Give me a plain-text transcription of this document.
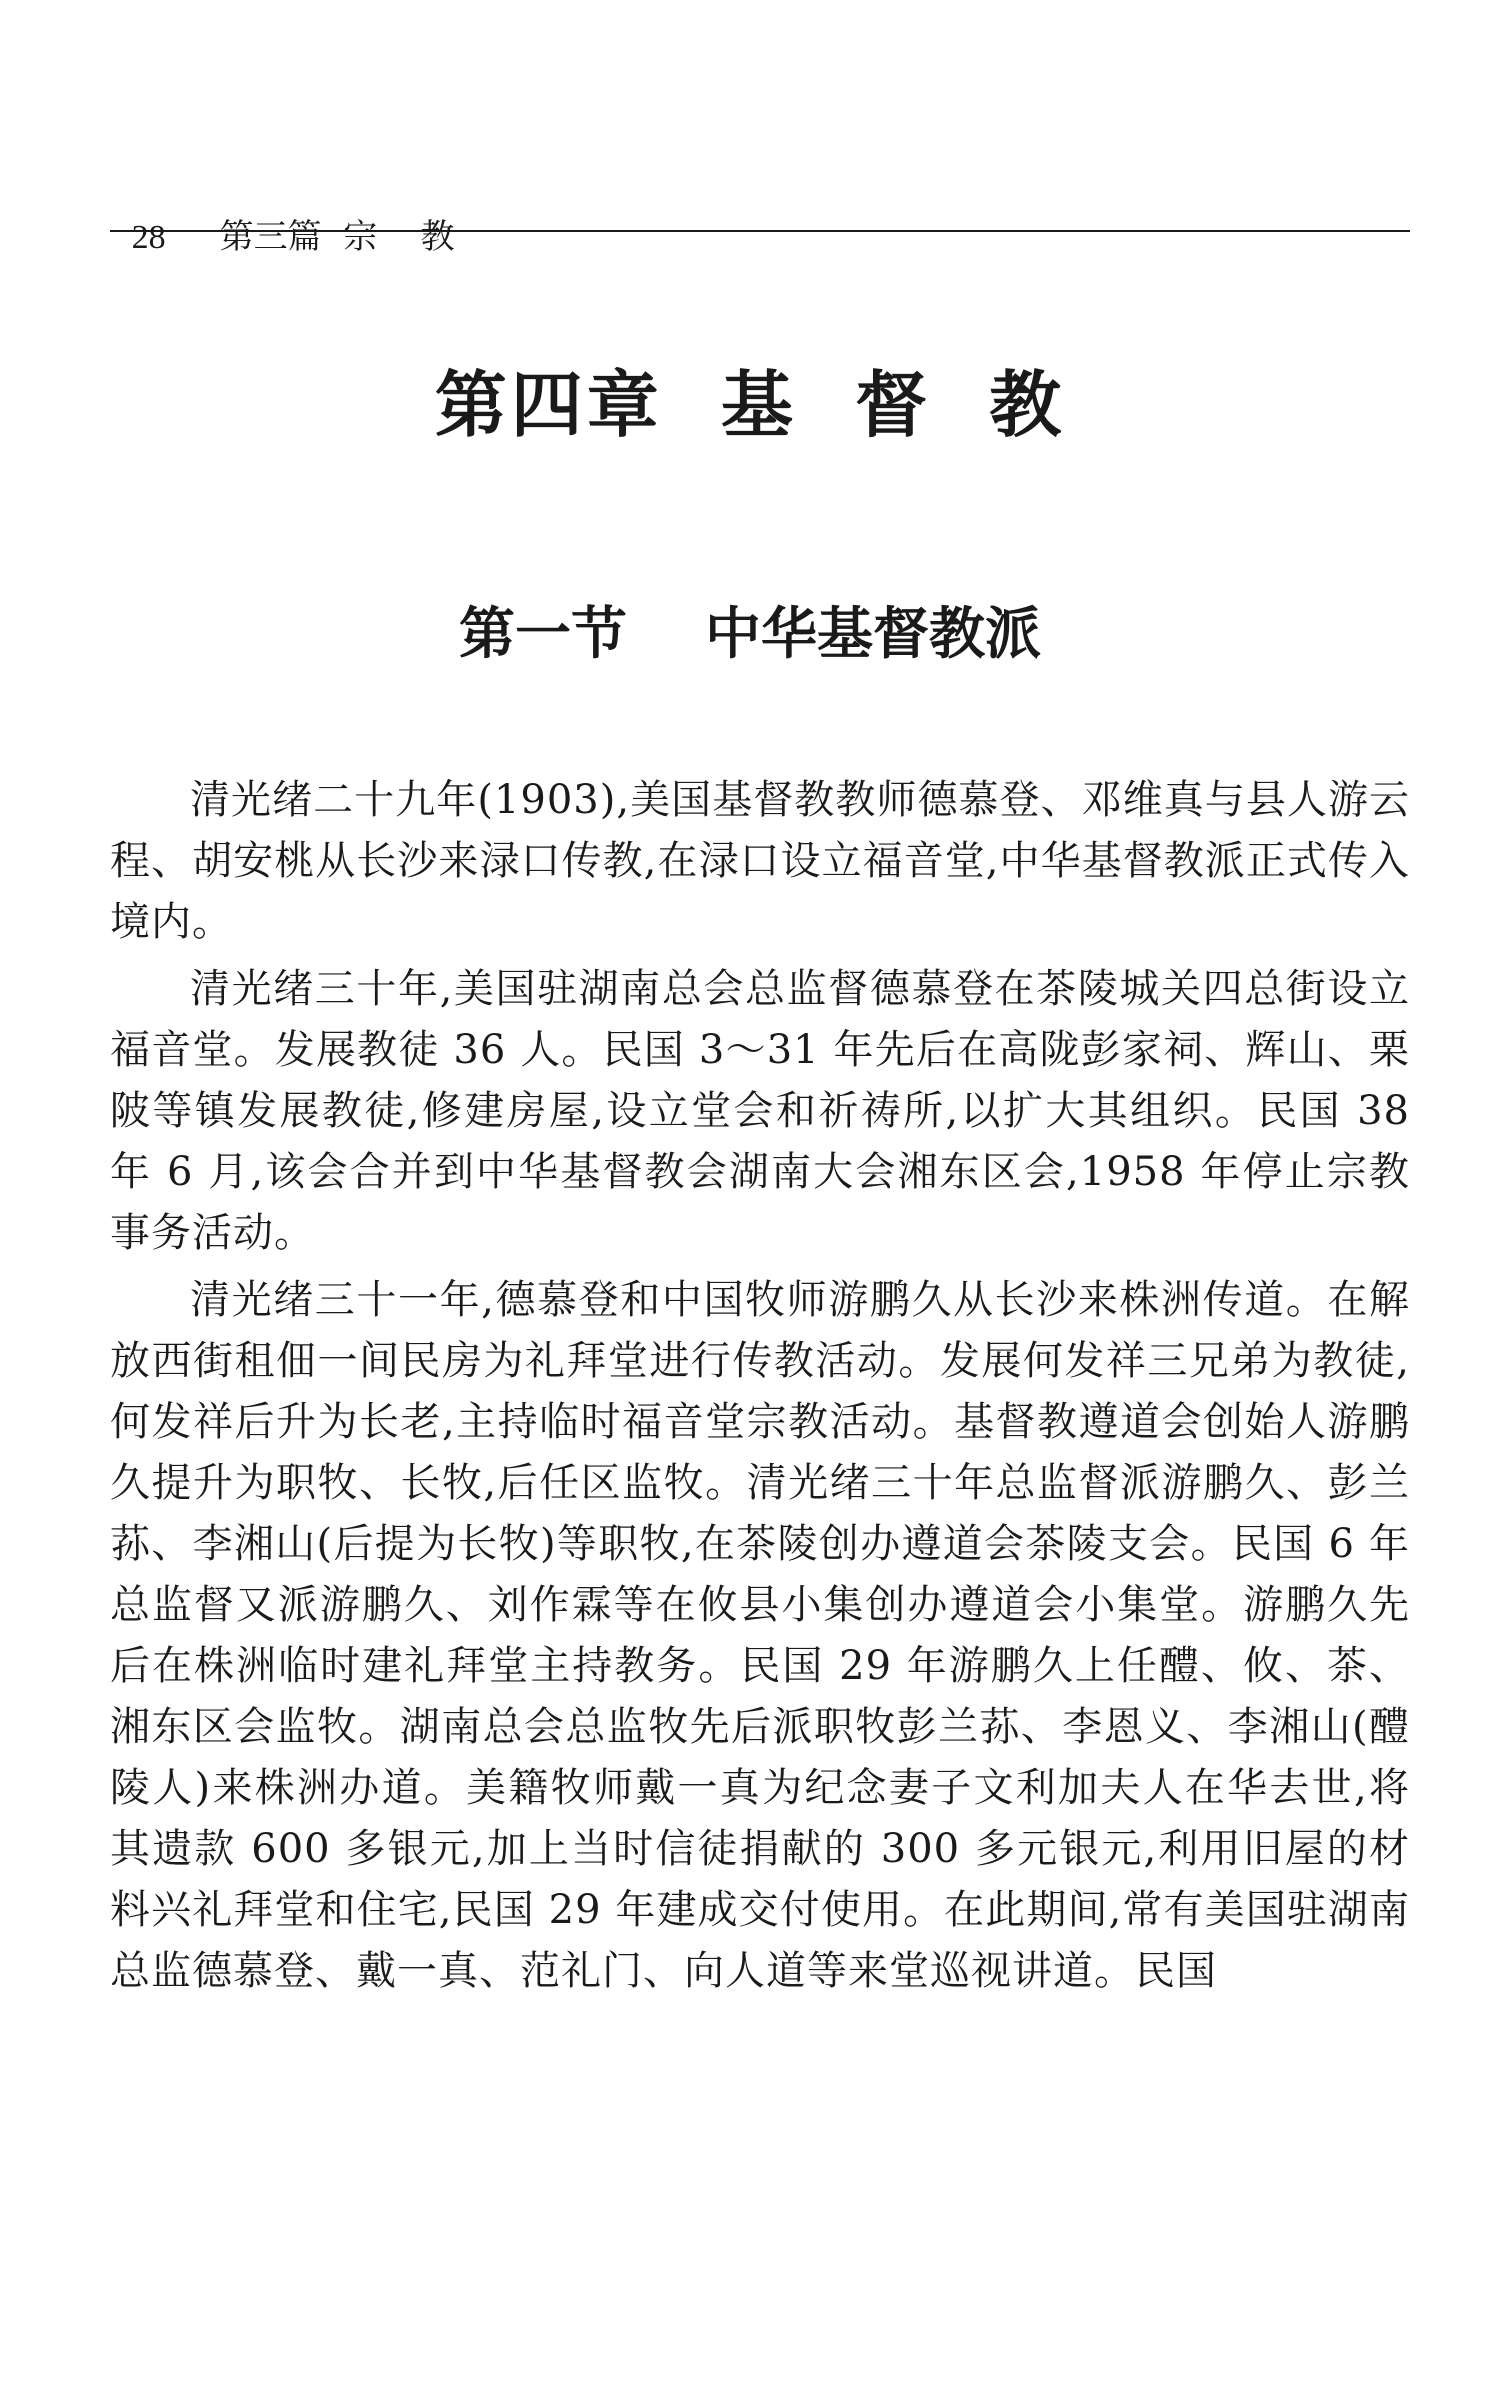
28 第三篇  宗    教

第四章  基  督  教
第一节    中华基督教派

清光绪二十九年(1903),美国基督教教师德慕登、邓维真与县人游云程、胡安桃从长沙来渌口传教,在渌口设立福音堂,中华基督教派正式传入境内。

清光绪三十年,美国驻湖南总会总监督德慕登在茶陵城关四总街设立福音堂。发展教徒 36 人。民国 3～31 年先后在高陇彭家祠、辉山、栗陂等镇发展教徒,修建房屋,设立堂会和祈祷所,以扩大其组织。民国 38 年 6 月,该会合并到中华基督教会湖南大会湘东区会,1958 年停止宗教事务活动。

清光绪三十一年,德慕登和中国牧师游鹏久从长沙来株洲传道。在解放西街租佃一间民房为礼拜堂进行传教活动。发展何发祥三兄弟为教徒,何发祥后升为长老,主持临时福音堂宗教活动。基督教遵道会创始人游鹏久提升为职牧、长牧,后任区监牧。清光绪三十年总监督派游鹏久、彭兰荪、李湘山(后提为长牧)等职牧,在茶陵创办遵道会茶陵支会。民国 6 年总监督又派游鹏久、刘作霖等在攸县小集创办遵道会小集堂。游鹏久先后在株洲临时建礼拜堂主持教务。民国 29 年游鹏久上任醴、攸、茶、湘东区会监牧。湖南总会总监牧先后派职牧彭兰荪、李恩义、李湘山(醴陵人)来株洲办道。美籍牧师戴一真为纪念妻子文利加夫人在华去世,将其遗款 600 多银元,加上当时信徒捐献的 300 多元银元,利用旧屋的材料兴礼拜堂和住宅,民国 29 年建成交付使用。在此期间,常有美国驻湖南总监德慕登、戴一真、范礼门、向人道等来堂巡视讲道。民国
